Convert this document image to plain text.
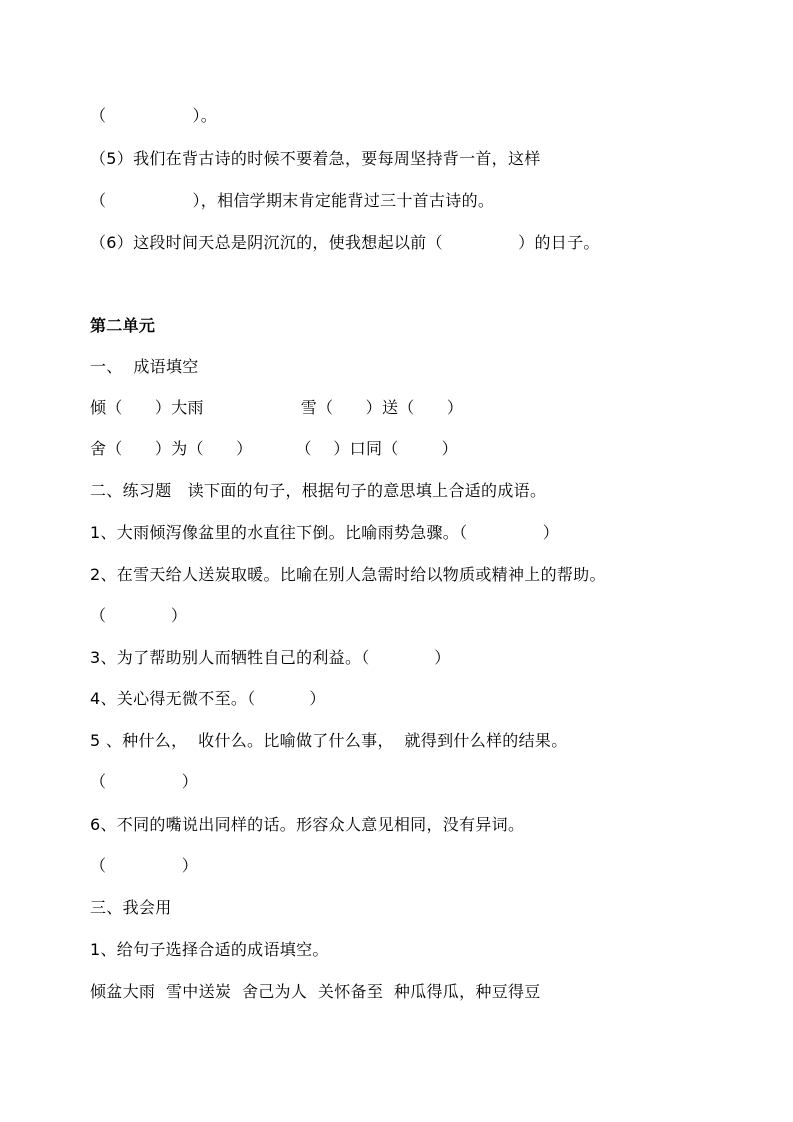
（                ）。

（5）我们在背古诗的时候不要着急，要每周坚持背一首，这样

（                ），相信学期末肯定能背过三十首古诗的。

（6）这段时间天总是阴沉沉的，使我想起以前（              ）的日子。

第二单元

一、  成语填空

倾（      ）大雨                  雪（      ）送（      ）

舍（      ）为（      ）        （    ）口同（        ）

二、练习题   读下面的句子，根据句子的意思填上合适的成语。

1、大雨倾泻像盆里的水直往下倒。比喻雨势急骤。（              ）

2、在雪天给人送炭取暖。比喻在别人急需时给以物质或精神上的帮助。

（            ）

3、为了帮助别人而牺牲自己的利益。（            ）

4、关心得无微不至。（          ）

5 、种什么，  收什么。比喻做了什么事，  就得到什么样的结果。

（              ）

6、不同的嘴说出同样的话。形容众人意见相同，没有异词。

（              ）

三、我会用

1、给句子选择合适的成语填空。

倾盆大雨  雪中送炭  舍己为人  关怀备至  种瓜得瓜，种豆得豆
